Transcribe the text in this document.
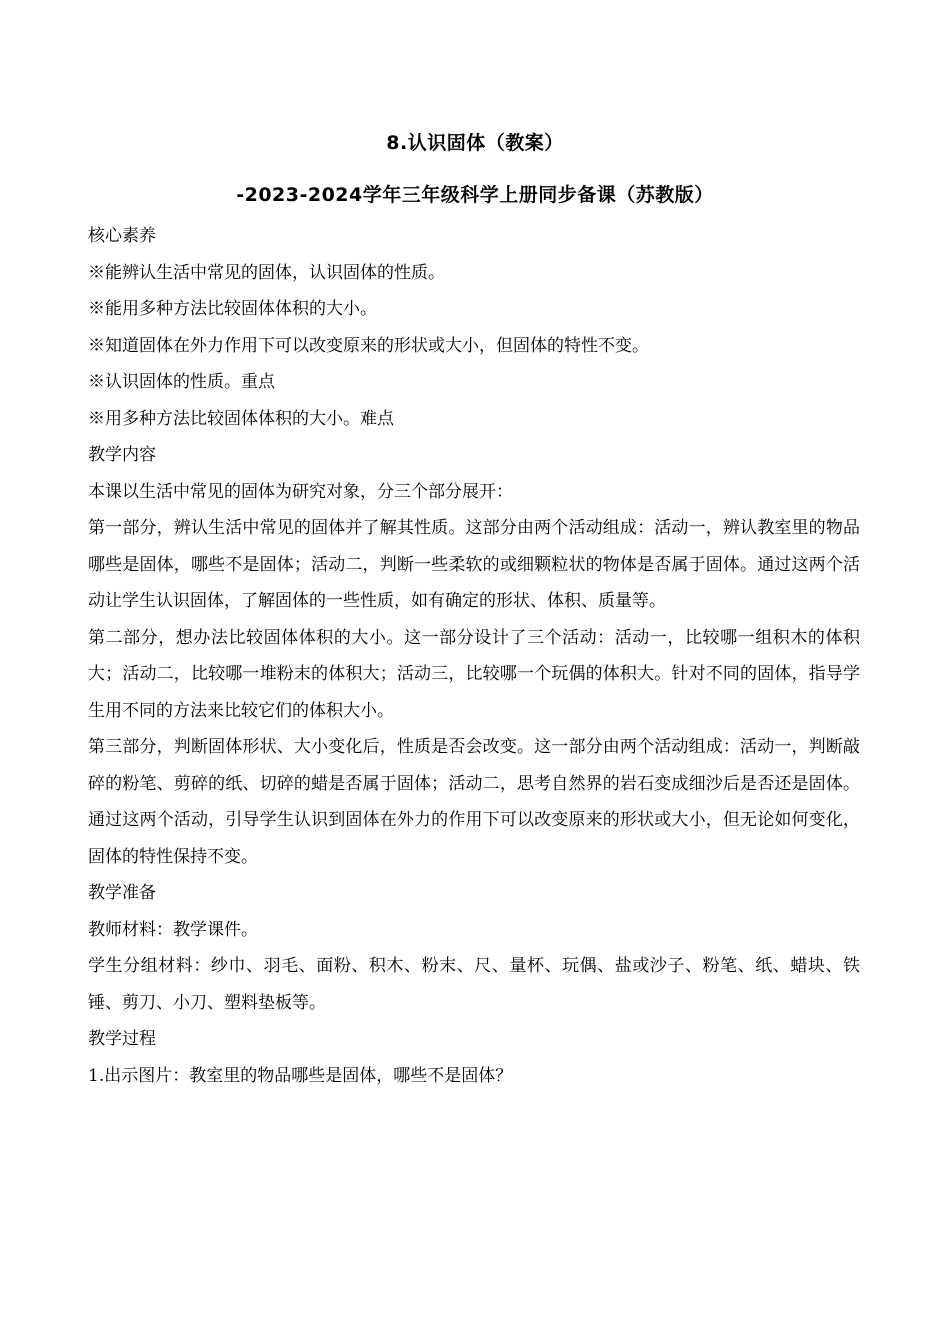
8.认识固体（教案）
-2023-2024学年三年级科学上册同步备课（苏教版）

核心素养

※能辨认生活中常见的固体，认识固体的性质。

※能用多种方法比较固体体积的大小。

※知道固体在外力作用下可以改变原来的形状或大小，但固体的特性不变。

※认识固体的性质。重点

※用多种方法比较固体体积的大小。难点

教学内容

本课以生活中常见的固体为研究对象，分三个部分展开：

第一部分，辨认生活中常见的固体并了解其性质。这部分由两个活动组成：活动一，辨认教室里的物品哪些是固体，哪些不是固体；活动二，判断一些柔软的或细颗粒状的物体是否属于固体。通过这两个活动让学生认识固体，了解固体的一些性质，如有确定的形状、体积、质量等。

第二部分，想办法比较固体体积的大小。这一部分设计了三个活动：活动一，比较哪一组积木的体积大；活动二，比较哪一堆粉末的体积大；活动三，比较哪一个玩偶的体积大。针对不同的固体，指导学生用不同的方法来比较它们的体积大小。

第三部分，判断固体形状、大小变化后，性质是否会改变。这一部分由两个活动组成：活动一，判断敲碎的粉笔、剪碎的纸、切碎的蜡是否属于固体；活动二，思考自然界的岩石变成细沙后是否还是固体。通过这两个活动，引导学生认识到固体在外力的作用下可以改变原来的形状或大小，但无论如何变化，固体的特性保持不变。

教学准备

教师材料：教学课件。

学生分组材料：纱巾、羽毛、面粉、积木、粉末、尺、量杯、玩偶、盐或沙子、粉笔、纸、蜡块、铁锤、剪刀、小刀、塑料垫板等。

教学过程

1.出示图片：教室里的物品哪些是固体，哪些不是固体？
